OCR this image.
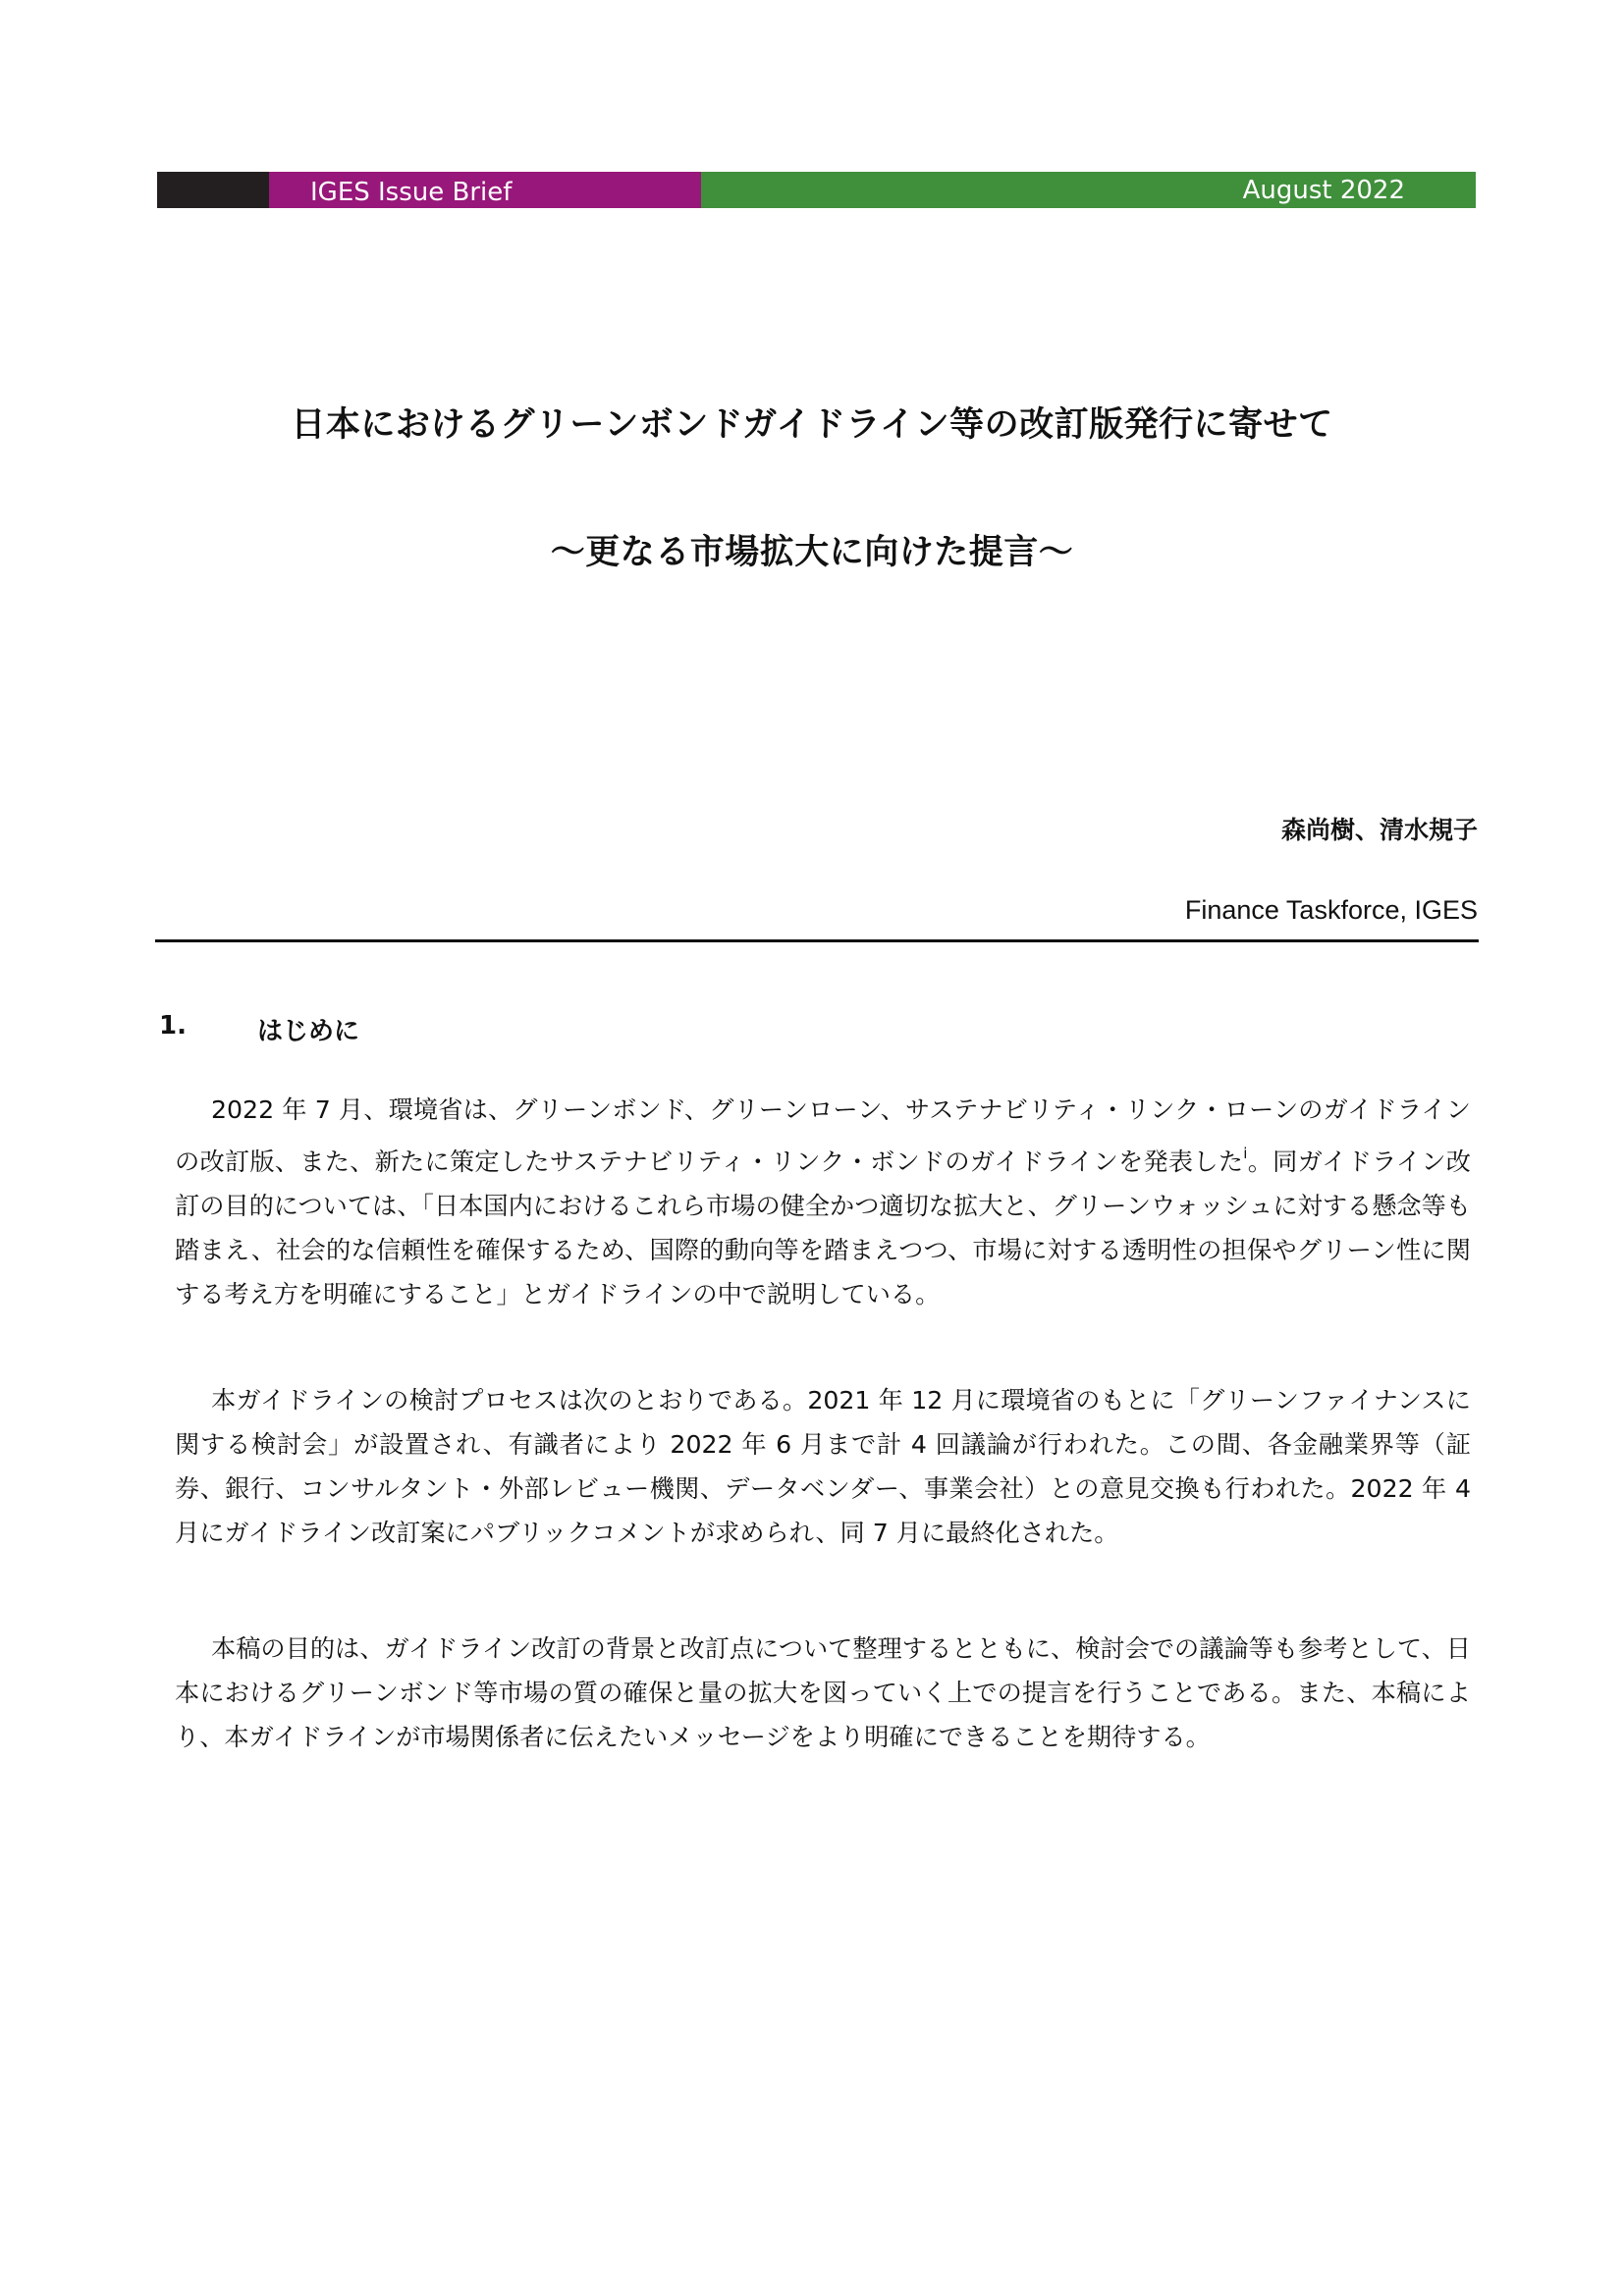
IGES Issue Brief	August 2022
日本におけるグリーンボンドガイドライン等の改訂版発行に寄せて
～更なる市場拡大に向けた提言～
森尚樹、清水規子
Finance Taskforce, IGES
1.	はじめに

2022 年 7 月、環境省は、グリーンボンド、グリーンローン、サステナビリティ・リンク・ローンのガイドラインの改訂版、また、新たに策定したサステナビリティ・リンク・ボンドのガイドラインを発表した$^i$。同ガイドライン改訂の目的については、「日本国内におけるこれら市場の健全かつ適切な拡大と、グリーンウォッシュに対する懸念等も踏まえ、社会的な信頼性を確保するため、国際的動向等を踏まえつつ、市場に対する透明性の担保やグリーン性に関する考え方を明確にすること」とガイドラインの中で説明している。

本ガイドラインの検討プロセスは次のとおりである。2021 年 12 月に環境省のもとに「グリーンファイナンスに関する検討会」が設置され、有識者により 2022 年 6 月まで計 4 回議論が行われた。この間、各金融業界等（証券、銀行、コンサルタント・外部レビュー機関、データベンダー、事業会社）との意見交換も行われた。2022 年 4 月にガイドライン改訂案にパブリックコメントが求められ、同 7 月に最終化された。

本稿の目的は、ガイドライン改訂の背景と改訂点について整理するとともに、検討会での議論等も参考として、日本におけるグリーンボンド等市場の質の確保と量の拡大を図っていく上での提言を行うことである。また、本稿により、本ガイドラインが市場関係者に伝えたいメッセージをより明確にできることを期待する。
